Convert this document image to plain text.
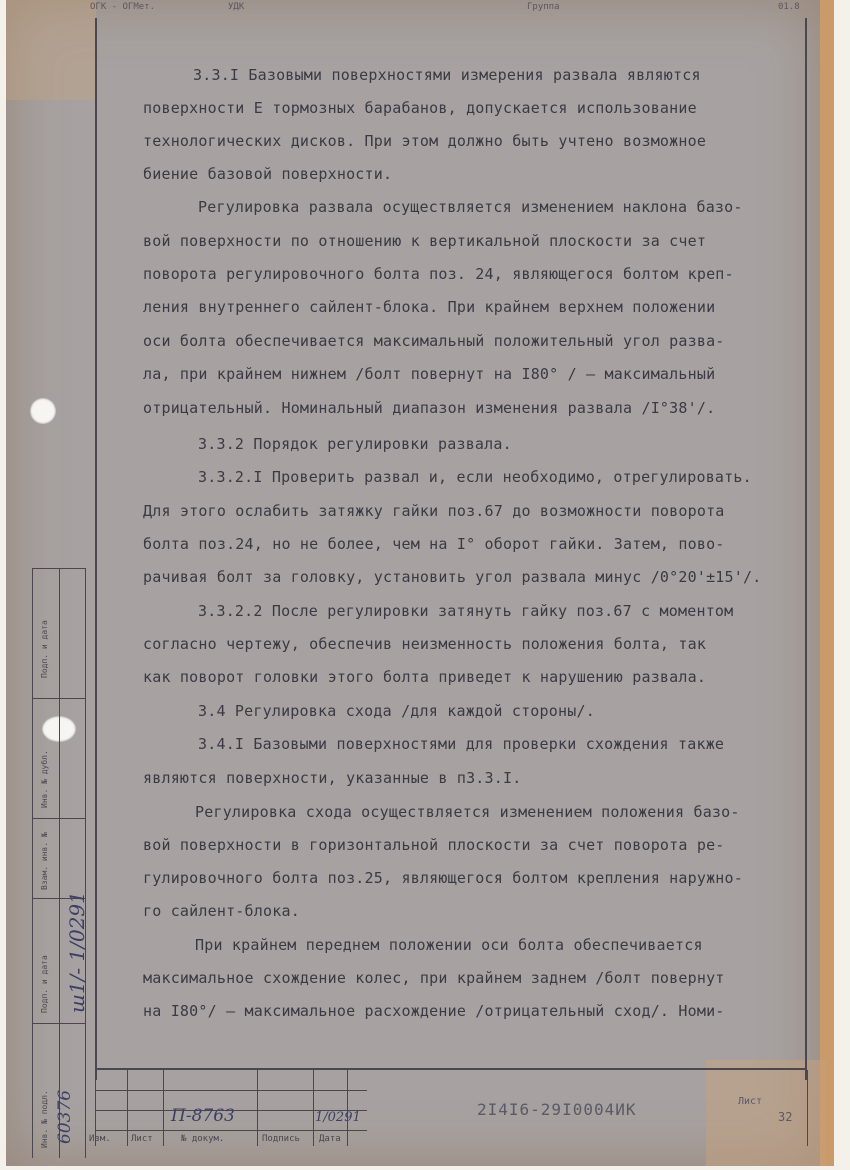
ОГК - ОГМет.	УДК	Группа	01.8
3.3.I Базовыми поверхностями измерения развала являются
поверхности Е тормозных барабанов, допускается использование
технологических дисков. При этом должно быть учтено возможное
биение базовой поверхности.
Регулировка развала осуществляется изменением наклона базо-
вой поверхности по отношению к вертикальной плоскости за счет
поворота регулировочного болта поз. 24, являющегося болтом креп-
ления внутреннего сайлент-блока. При крайнем верхнем положении
оси болта обеспечивается максимальный положительный угол разва-
ла, при крайнем нижнем /болт повернут на I80° / — максимальный
отрицательный. Номинальный диапазон изменения развала /I°38'/.
3.3.2 Порядок регулировки развала.
3.3.2.I Проверить развал и, если необходимо, отрегулировать.
Для этого ослабить затяжку гайки поз.67 до возможности поворота
болта поз.24, но не более, чем на I° оборот гайки. Затем, пово-
рачивая болт за головку, установить угол развала минус /0°20'±15'/.
3.3.2.2 После регулировки затянуть гайку поз.67 с моментом
согласно чертежу, обеспечив неизменность положения болта, так
как поворот головки этого болта приведет к нарушению развала.
3.4 Регулировка схода /для каждой стороны/.
3.4.I Базовыми поверхностями для проверки схождения также
являются поверхности, указанные в п3.3.I.
Регулировка схода осуществляется изменением положения базо-
вой поверхности в горизонтальной плоскости за счет поворота ре-
гулировочного болта поз.25, являющегося болтом крепления наружно-
го сайлент-блока.
При крайнем переднем положении оси болта обеспечивается
максимальное схождение колес, при крайнем заднем /болт повернут
на I80°/ — максимальное расхождение /отрицательный сход/. Номи-
Подп. и дата
Инв. № дубл.
Взам. инв. №
Подп. и дата
Инв. № подл.
ш1/- 1/0291
60376 Изм. Лист	№ докум.	Подпись Дата
П-8763	1/0291	2I4I6-29I0004ИК	Лист
32
